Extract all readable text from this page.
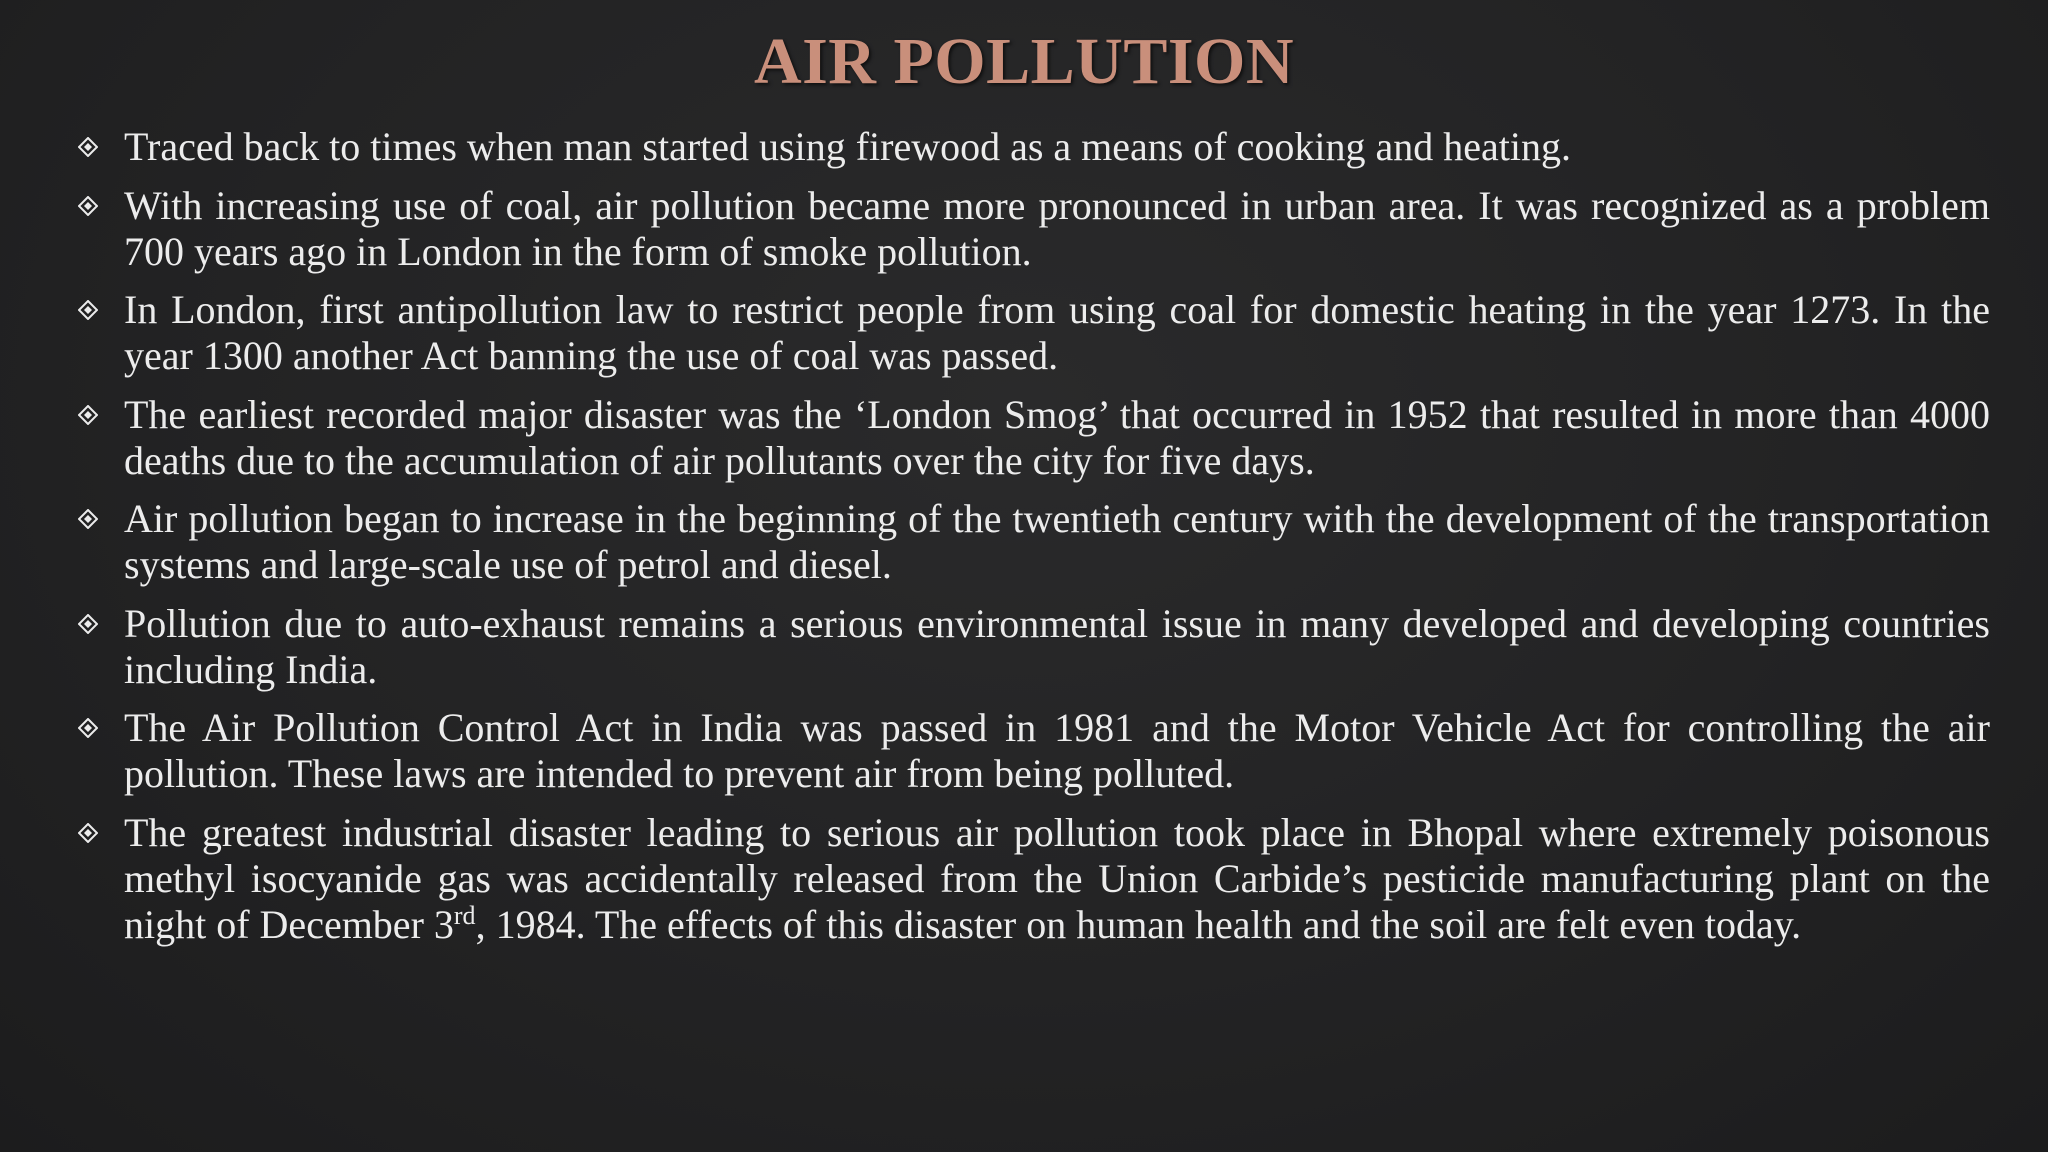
AIR POLLUTION
Traced back to times when man started using firewood as a means of cooking and heating.
With increasing use of coal, air pollution became more pronounced in urban area. It was recognized as a problem 700 years ago in London in the form of smoke pollution.
In London, first antipollution law to restrict people from using coal for domestic heating in the year 1273. In the year 1300 another Act banning the use of coal was passed.
The earliest recorded major disaster was the ‘London Smog’ that occurred in 1952 that resulted in more than 4000 deaths due to the accumulation of air pollutants over the city for five days.
Air pollution began to increase in the beginning of the twentieth century with the development of the transportation systems and large-scale use of petrol and diesel.
Pollution due to auto-exhaust remains a serious environmental issue in many developed and developing countries including India.
The Air Pollution Control Act in India was passed in 1981 and the Motor Vehicle Act for controlling the air pollution. These laws are intended to prevent air from being polluted.
The greatest industrial disaster leading to serious air pollution took place in Bhopal where extremely poisonous methyl isocyanide gas was accidentally released from the Union Carbide’s pesticide manufacturing plant on the night of December 3rd, 1984. The effects of this disaster on human health and the soil are felt even today.
